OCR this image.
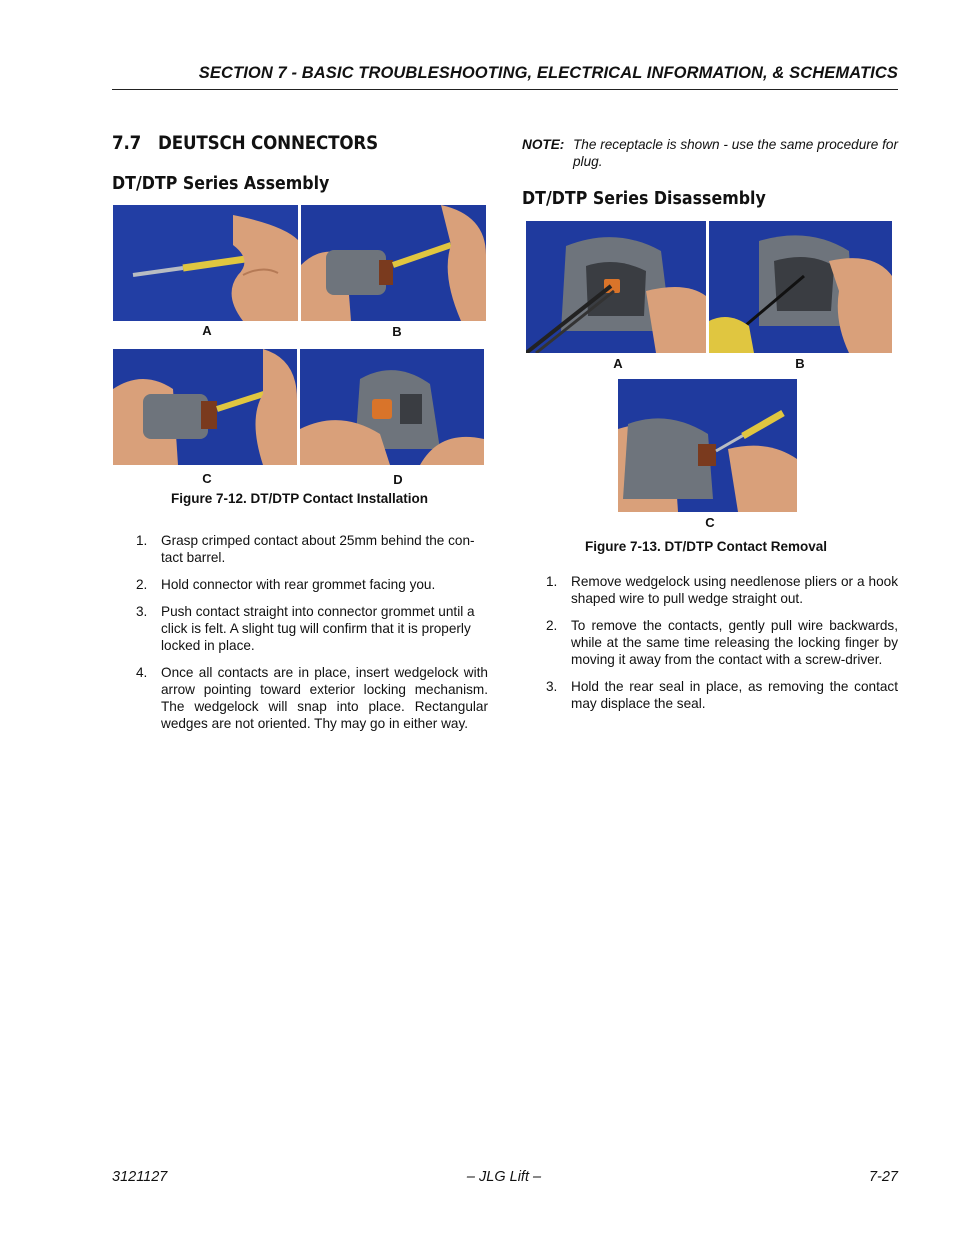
SECTION 7 - BASIC TROUBLESHOOTING, ELECTRICAL INFORMATION, & SCHEMATICS
7.7 DEUTSCH CONNECTORS
DT/DTP Series Assembly
A	B
C	D
Figure 7-12. DT/DTP Contact Installation
1. Grasp crimped contact about 25mm behind the con-tact barrel.
2. Hold connector with rear grommet facing you.
3. Push contact straight into connector grommet until a click is felt. A slight tug will confirm that it is properly locked in place.
4. Once all contacts are in place, insert wedgelock with arrow pointing toward exterior locking mechanism. The wedgelock will snap into place. Rectangular wedges are not oriented. Thy may go in either way.
NOTE: The receptacle is shown - use the same procedure for plug.
DT/DTP Series Disassembly
A	B
C
Figure 7-13. DT/DTP Contact Removal
1. Remove wedgelock using needlenose pliers or a hook shaped wire to pull wedge straight out.
2. To remove the contacts, gently pull wire backwards, while at the same time releasing the locking finger by moving it away from the contact with a screw-driver.
3. Hold the rear seal in place, as removing the contact may displace the seal.
3121127	– JLG Lift –	7-27
